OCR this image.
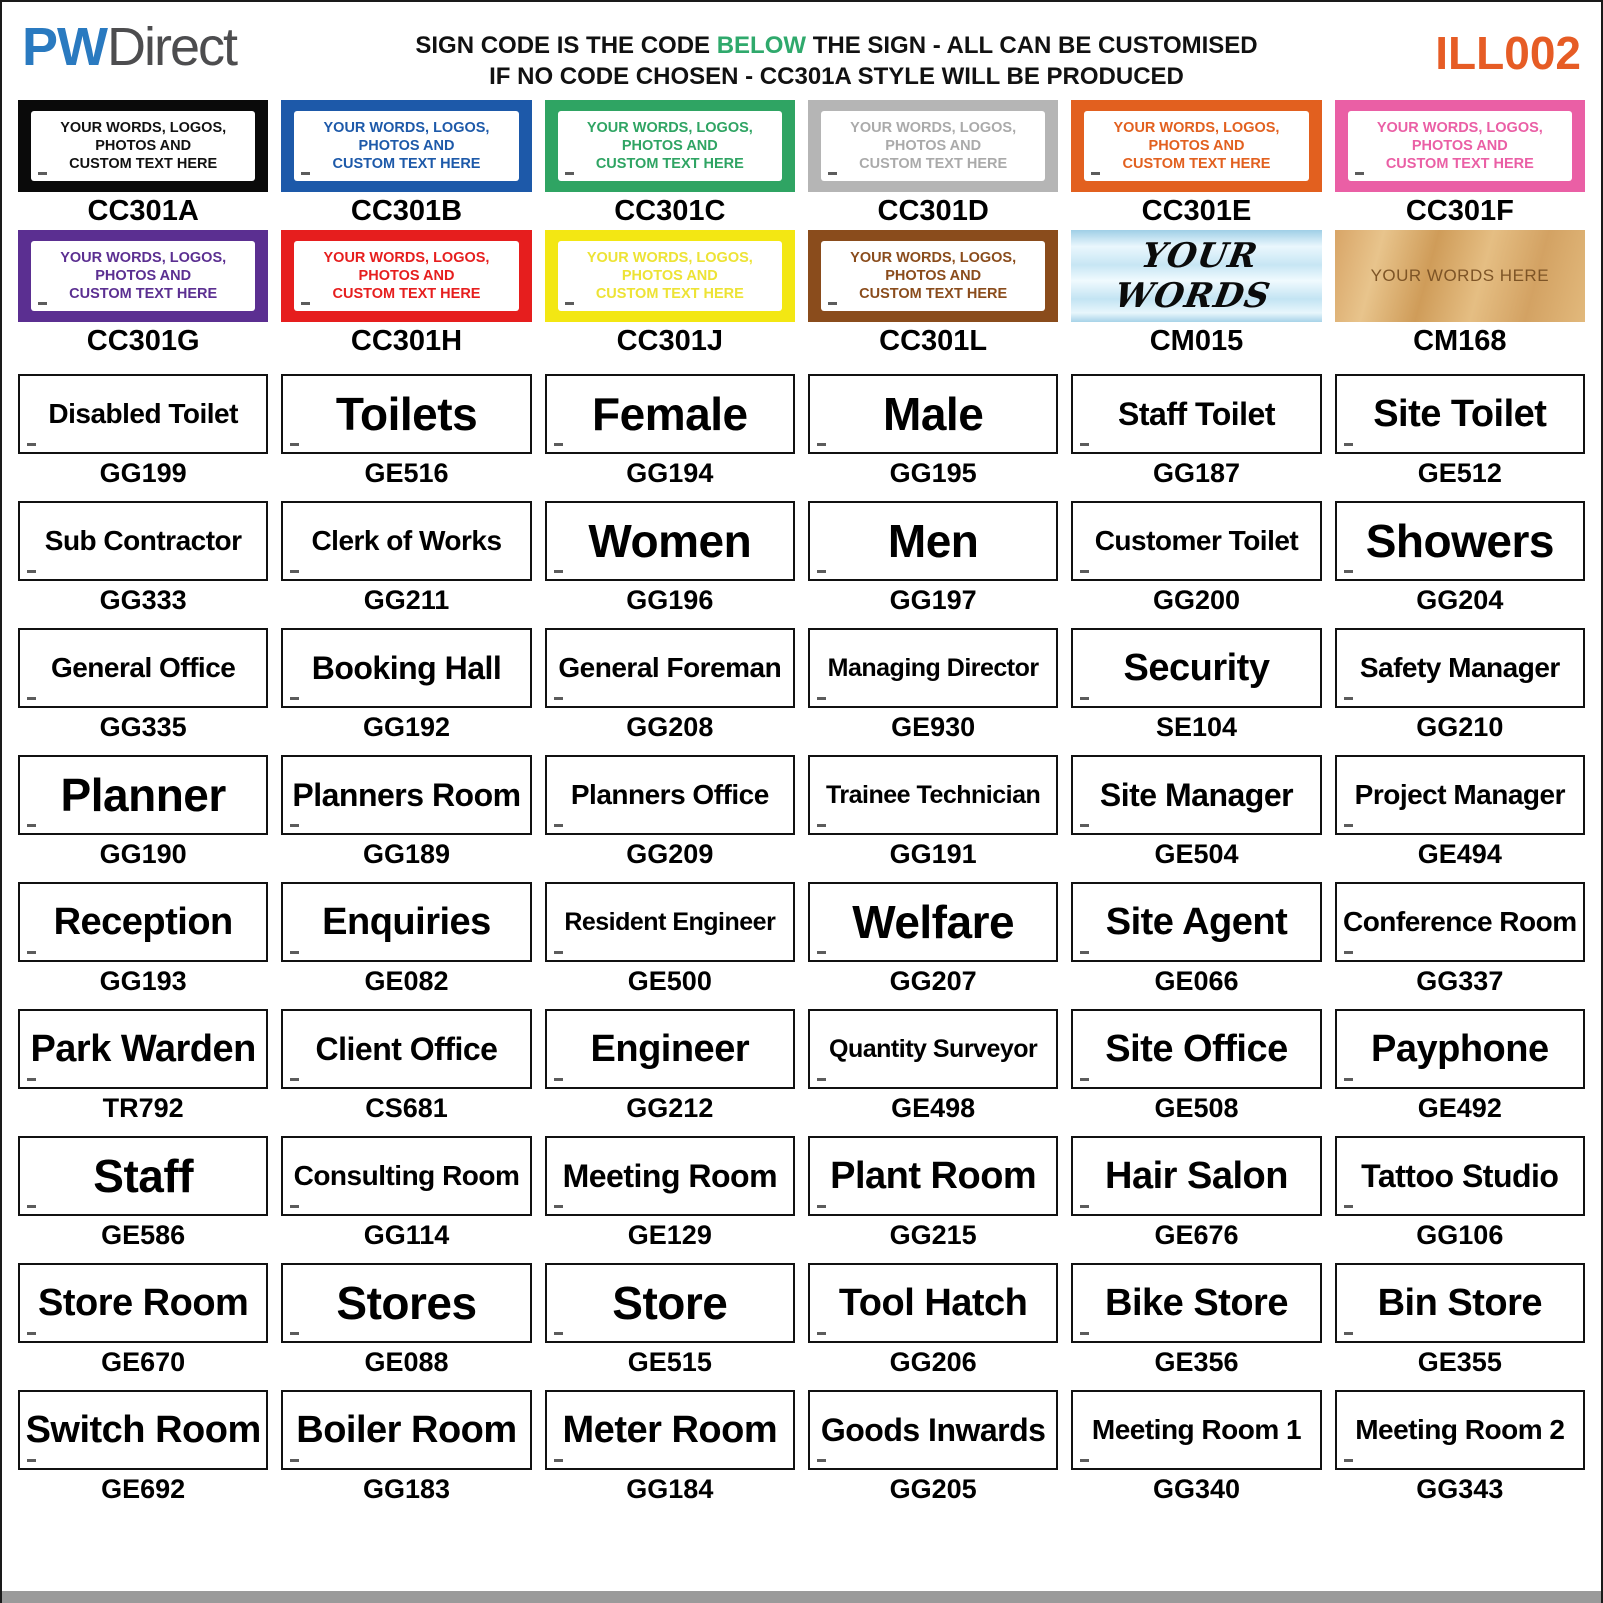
PWDirect	SIGN CODE IS THE CODE BELOW THE SIGN - ALL CAN BE CUSTOMISED
IF NO CODE CHOSEN - CC301A STYLE WILL BE PRODUCED	ILL002
YOUR WORDS, LOGOS,
PHOTOS AND
CUSTOM TEXT HERE
CC301A
YOUR WORDS, LOGOS,
PHOTOS AND
CUSTOM TEXT HERE
CC301B
YOUR WORDS, LOGOS,
PHOTOS AND
CUSTOM TEXT HERE
CC301C
YOUR WORDS, LOGOS,
PHOTOS AND
CUSTOM TEXT HERE
CC301D
YOUR WORDS, LOGOS,
PHOTOS AND
CUSTOM TEXT HERE
CC301E
YOUR WORDS, LOGOS,
PHOTOS AND
CUSTOM TEXT HERE
CC301F
YOUR WORDS, LOGOS,
PHOTOS AND
CUSTOM TEXT HERE
CC301G
YOUR WORDS, LOGOS,
PHOTOS AND
CUSTOM TEXT HERE
CC301H
YOUR WORDS, LOGOS,
PHOTOS AND
CUSTOM TEXT HERE
CC301J
YOUR WORDS, LOGOS,
PHOTOS AND
CUSTOM TEXT HERE
CC301L
YOUR WORDS
CM015
YOUR WORDS HERE
CM168
Disabled Toilet
GG199
Toilets
GE516
Female
GG194
Male
GG195
Staff Toilet
GG187
Site Toilet
GE512
Sub Contractor
GG333
Clerk of Works
GG211
Women
GG196
Men
GG197
Customer Toilet
GG200
Showers
GG204
General Office
GG335
Booking Hall
GG192
General Foreman
GG208
Managing Director
GE930
Security
SE104
Safety Manager
GG210
Planner
GG190
Planners Room
GG189
Planners Office
GG209
Trainee Technician
GG191
Site Manager
GE504
Project Manager
GE494
Reception
GG193
Enquiries
GE082
Resident Engineer
GE500
Welfare
GG207
Site Agent
GE066
Conference Room
GG337
Park Warden
TR792
Client Office
CS681
Engineer
GG212
Quantity Surveyor
GE498
Site Office
GE508
Payphone
GE492
Staff
GE586
Consulting Room
GG114
Meeting Room
GE129
Plant Room
GG215
Hair Salon
GE676
Tattoo Studio
GG106
Store Room
GE670
Stores
GE088
Store
GE515
Tool Hatch
GG206
Bike Store
GE356
Bin Store
GE355
Switch Room
GE692
Boiler Room
GG183
Meter Room
GG184
Goods Inwards
GG205
Meeting Room 1
GG340
Meeting Room 2
GG343
